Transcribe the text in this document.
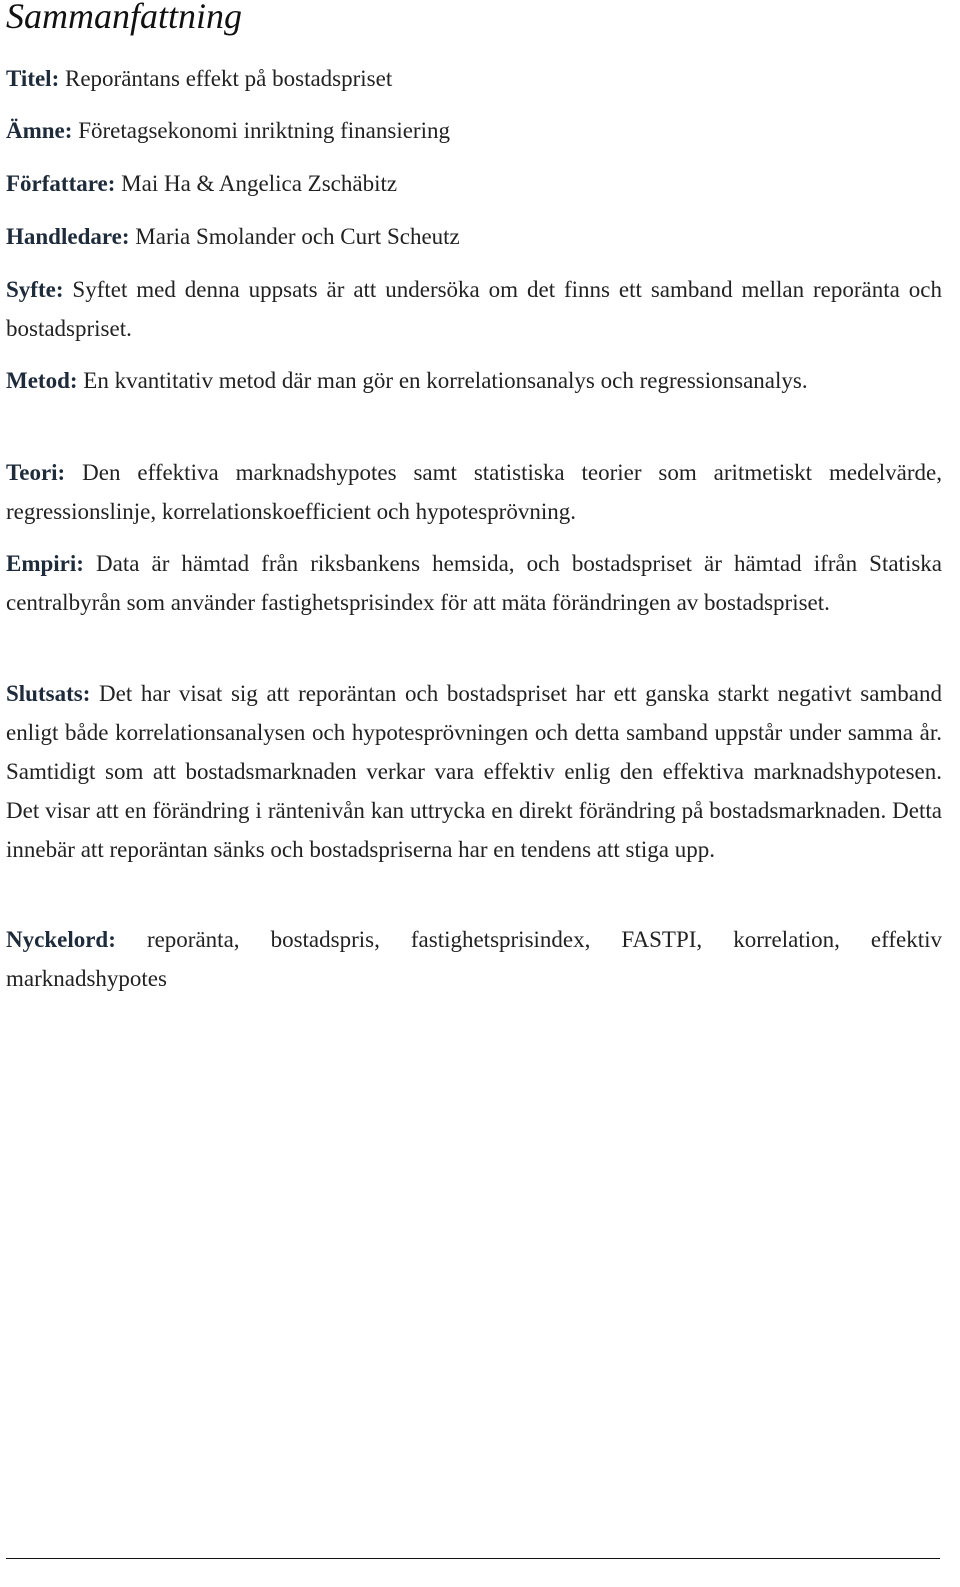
Sammanfattning
Titel: Reporäntans effekt på bostadspriset
Ämne: Företagsekonomi inriktning finansiering
Författare: Mai Ha & Angelica Zschäbitz
Handledare: Maria Smolander och Curt Scheutz

Syfte: Syftet med denna uppsats är att undersöka om det finns ett samband mellan reporänta och bostadspriset.

Metod: En kvantitativ metod där man gör en korrelationsanalys och regressionsanalys.

Teori: Den effektiva marknadshypotes samt statistiska teorier som aritmetiskt medelvärde, regressionslinje, korrelationskoefficient och hypotesprövning.

Empiri: Data är hämtad från riksbankens hemsida, och bostadspriset är hämtad ifrån Statiska centralbyrån som använder fastighetsprisindex för att mäta förändringen av bostadspriset.

Slutsats: Det har visat sig att reporäntan och bostadspriset har ett ganska starkt negativt samband enligt både korrelationsanalysen och hypotesprövningen och detta samband uppstår under samma år. Samtidigt som att bostadsmarknaden verkar vara effektiv enlig den effektiva marknadshypotesen. Det visar att en förändring i räntenivån kan uttrycka en direkt förändring på bostadsmarknaden. Detta innebär att reporäntan sänks och bostadspriserna har en tendens att stiga upp.

Nyckelord: reporänta, bostadspris, fastighetsprisindex, FASTPI, korrelation, effektiv marknadshypotes
